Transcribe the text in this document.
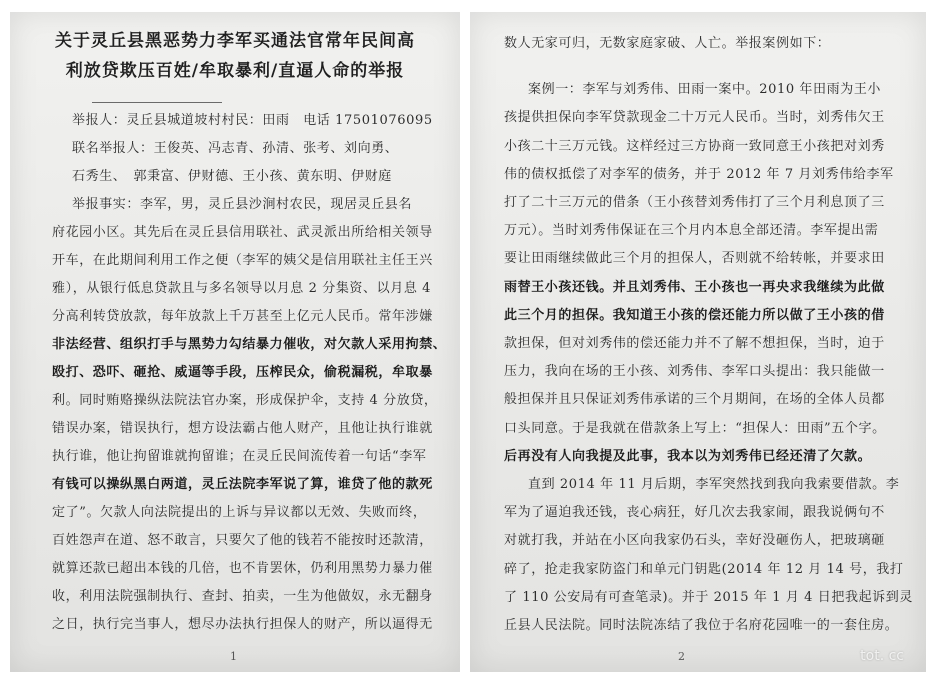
关于灵丘县黑恶势力李军买通法官常年民间高
利放贷欺压百姓/牟取暴利/直逼人命的举报
举报人：灵丘县城道坡村村民：田雨　电话 17501076095
联名举报人：王俊英、冯志青、孙清、张考、刘向勇、
石秀生、　郭秉富、伊财德、王小孩、黄东明、伊财庭
举报事实：李军，男，灵丘县沙涧村农民，现居灵丘县名
府花园小区。其先后在灵丘县信用联社、武灵派出所给相关领导
开车，在此期间利用工作之便（李军的姨父是信用联社主任王兴
雅），从银行低息贷款且与多名领导以月息 2 分集资、以月息 4
分高利转贷放款，每年放款上千万甚至上亿元人民币。常年涉嫌
非法经营、组织打手与黑势力勾结暴力催收，对欠款人采用拘禁、
殴打、恐吓、砸抢、威逼等手段，压榨民众，偷税漏税，牟取暴
利。同时贿赂操纵法院法官办案，形成保护伞，支持 4 分放贷，
错误办案，错误执行，想方设法霸占他人财产，且他让执行谁就
执行谁，他让拘留谁就拘留谁；在灵丘民间流传着一句话“李军
有钱可以操纵黑白两道，灵丘法院李军说了算，谁贷了他的款死
定了”。欠款人向法院提出的上诉与异议都以无效、失败而终，
百姓怨声在道、怒不敢言，只要欠了他的钱若不能按时还款清，
就算还款已超出本钱的几倍，也不肯罢休，仍利用黑势力暴力催
收，利用法院强制执行、查封、拍卖，一生为他做奴，永无翻身
之日，执行完当事人，想尽办法执行担保人的财产，所以逼得无
1
数人无家可归，无数家庭家破、人亡。举报案例如下：
案例一：李军与刘秀伟、田雨一案中。2010 年田雨为王小
孩提供担保向李军贷款现金二十万元人民币。当时，刘秀伟欠王
小孩二十三万元钱。这样经过三方协商一致同意王小孩把对刘秀
伟的债权抵偿了对李军的债务，并于 2012 年 7 月刘秀伟给李军
打了二十三万元的借条（王小孩替刘秀伟打了三个月利息顶了三
万元）。当时刘秀伟保证在三个月内本息全部还清。李军提出需
要让田雨继续做此三个月的担保人，否则就不给转帐，并要求田
雨替王小孩还钱。并且刘秀伟、王小孩也一再央求我继续为此做
此三个月的担保。我知道王小孩的偿还能力所以做了王小孩的借
款担保，但对刘秀伟的偿还能力并不了解不想担保，当时，迫于
压力，我向在场的王小孩、刘秀伟、李军口头提出：我只能做一
般担保并且只保证刘秀伟承诺的三个月期间，在场的全体人员都
口头同意。于是我就在借款条上写上：“担保人：田雨”五个字。
后再没有人向我提及此事，我本以为刘秀伟已经还清了欠款。
直到 2014 年 11 月后期，李军突然找到我向我索要借款。李
军为了逼迫我还钱，丧心病狂，好几次去我家闹，跟我说俩句不
对就打我，并站在小区向我家仍石头，幸好没砸伤人，把玻璃砸
碎了，抢走我家防盗门和单元门钥匙(2014 年 12 月 14 号，我打
了 110 公安局有可查笔录)。并于 2015 年 1 月 4 日把我起诉到灵
丘县人民法院。同时法院冻结了我位于名府花园唯一的一套住房。
2	tot. cc
